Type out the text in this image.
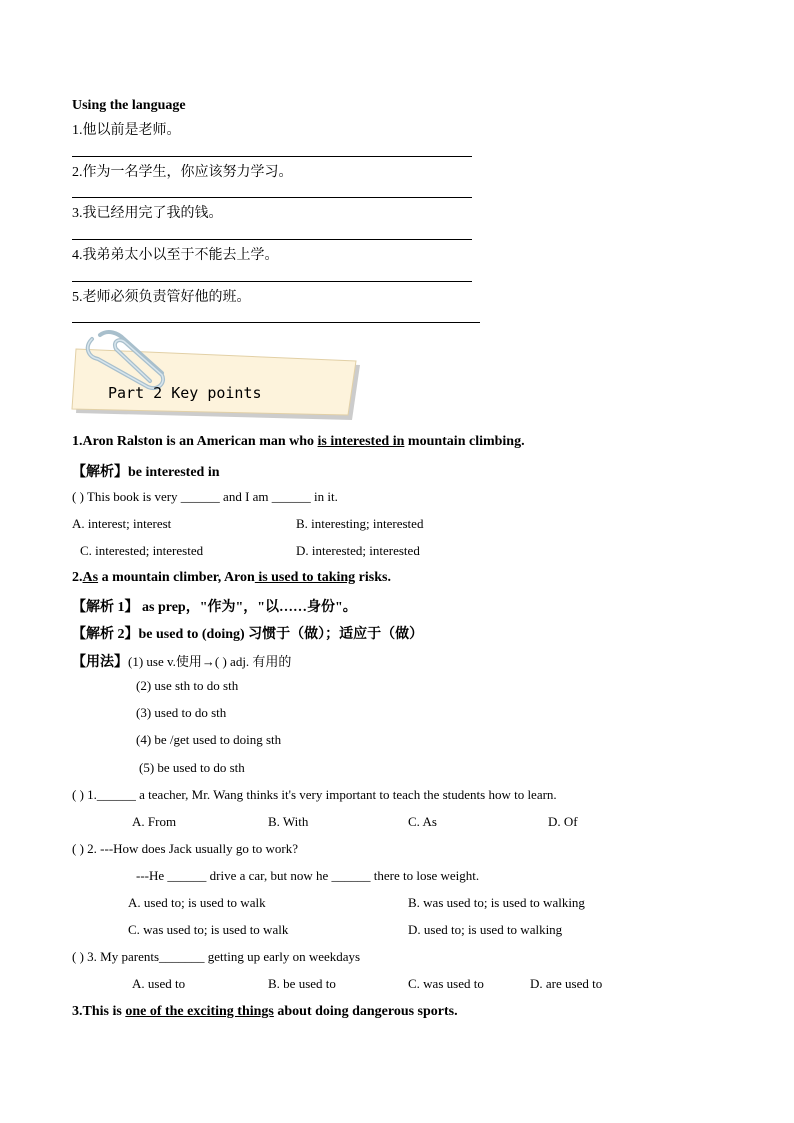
Using the language
1.他以前是老师。
2.作为一名学生，你应该努力学习。
3.我已经用完了我的钱。
4.我弟弟太小以至于不能去上学。
5.老师必须负责管好他的班。
Part 2 Key points
1.Aron Ralston is an American man who is interested in mountain climbing.
【解析】be interested in
( ) This book is very ______ and I am ______ in it.
A. interest; interest	B. interesting; interested
C. interested; interested	D. interested; interested
2.As a mountain climber, Aron is used to taking risks.
【解析 1】 as prep，"作为"，"以……身份"。
【解析 2】be used to (doing) 习惯于（做）；适应于（做）
【用法】(1) use v.使用→( ) adj. 有用的
(2) use sth to do sth
(3) used to do sth
(4) be /get used to doing sth
(5) be used to do sth
( ) 1.______ a teacher, Mr. Wang thinks it's very important to teach the students how to learn.
A. From	B. With	C. As	D. Of
( ) 2. ---How does Jack usually go to work?
---He ______ drive a car, but now he ______ there to lose weight.
A. used to; is used to walk	B. was used to; is used to walking
C. was used to; is used to walk	D. used to; is used to walking
( ) 3. My parents_______ getting up early on weekdays
A. used to	B. be used to	C. was used to	D. are used to
3.This is one of the exciting things about doing dangerous sports.
